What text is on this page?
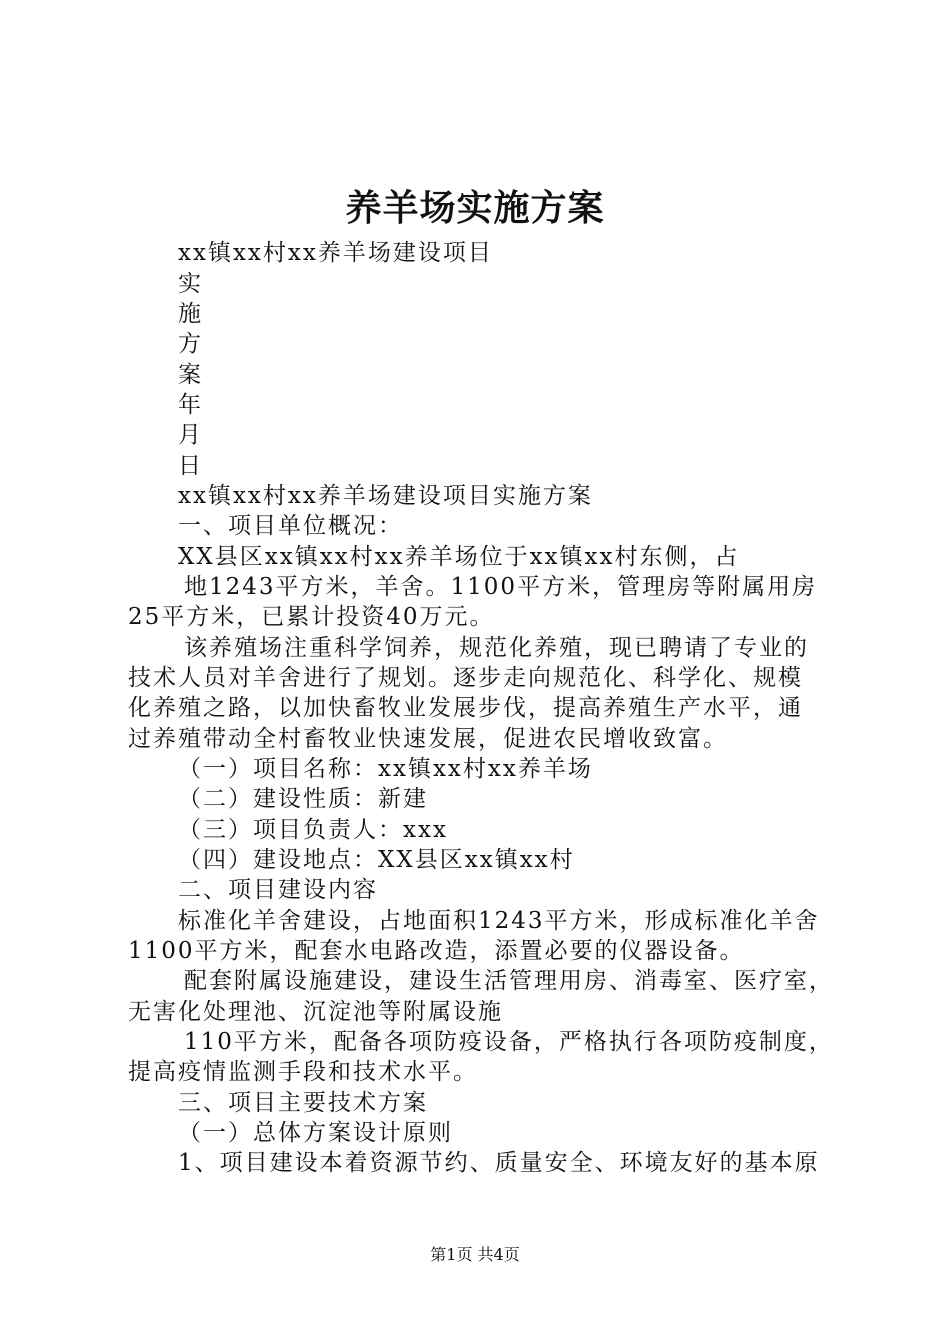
养羊场实施方案
xx镇xx村xx养羊场建设项目
实
施
方
案
年
月
日
xx镇xx村xx养羊场建设项目实施方案
一、项目单位概况：
XX县区xx镇xx村xx养羊场位于xx镇xx村东侧，占
地1243平方米，羊舍。1100平方米，管理房等附属用房
25平方米，已累计投资40万元。
该养殖场注重科学饲养，规范化养殖，现已聘请了专业的
技术人员对羊舍进行了规划。逐步走向规范化、科学化、规模
化养殖之路，以加快畜牧业发展步伐，提高养殖生产水平，通
过养殖带动全村畜牧业快速发展，促进农民增收致富。
（一）项目名称：xx镇xx村xx养羊场
（二）建设性质：新建
（三）项目负责人：xxx
（四）建设地点：XX县区xx镇xx村
二、项目建设内容
标准化羊舍建设，占地面积1243平方米，形成标准化羊舍
1100平方米，配套水电路改造，添置必要的仪器设备。
配套附属设施建设，建设生活管理用房、消毒室、医疗室，
无害化处理池、沉淀池等附属设施
110平方米，配备各项防疫设备，严格执行各项防疫制度，
提高疫情监测手段和技术水平。
三、项目主要技术方案
（一）总体方案设计原则
1、项目建设本着资源节约、质量安全、环境友好的基本原
第1页 共4页
